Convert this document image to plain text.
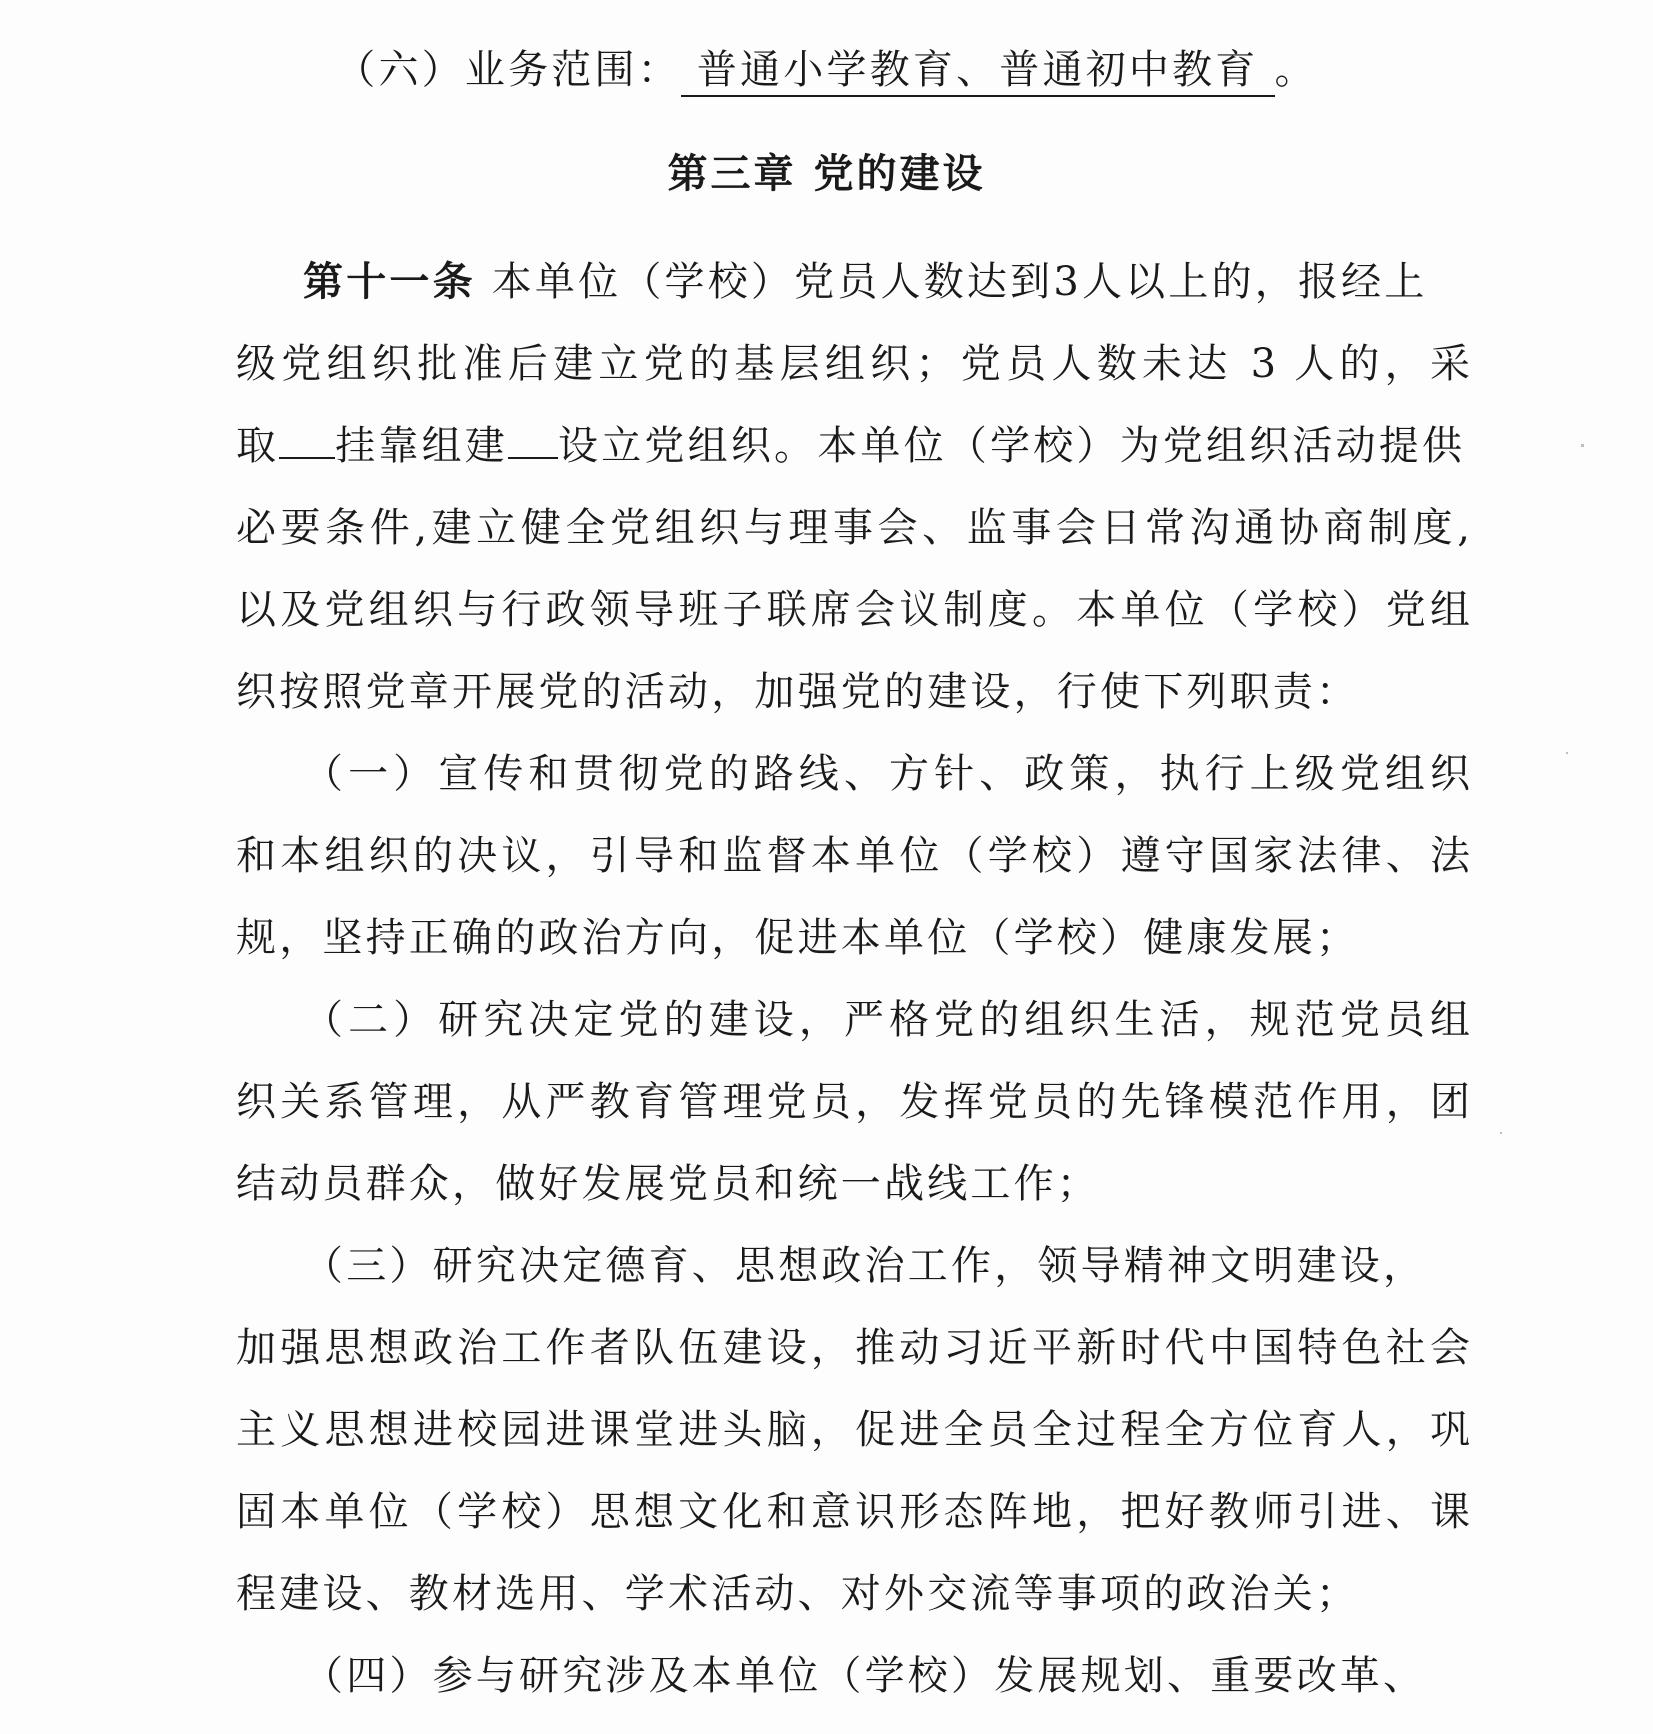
（六）业务范围： 普通小学教育、普通初中教育 。
第三章 党的建设
第十一条 本单位（学校）党员人数达到3人以上的，报经上
级党组织批准后建立党的基层组织；党员人数未达 3 人的，采
取 挂靠组建 设立党组织。本单位（学校）为党组织活动提供
必要条件,建立健全党组织与理事会、监事会日常沟通协商制度,
以及党组织与行政领导班子联席会议制度。本单位（学校）党组
织按照党章开展党的活动，加强党的建设，行使下列职责：
（一）宣传和贯彻党的路线、方针、政策，执行上级党组织
和本组织的决议，引导和监督本单位（学校）遵守国家法律、法
规，坚持正确的政治方向，促进本单位（学校）健康发展；
（二）研究决定党的建设，严格党的组织生活，规范党员组
织关系管理，从严教育管理党员，发挥党员的先锋模范作用，团
结动员群众，做好发展党员和统一战线工作；
（三）研究决定德育、思想政治工作，领导精神文明建设，
加强思想政治工作者队伍建设，推动习近平新时代中国特色社会
主义思想进校园进课堂进头脑，促进全员全过程全方位育人，巩
固本单位（学校）思想文化和意识形态阵地，把好教师引进、课
程建设、教材选用、学术活动、对外交流等事项的政治关；
（四）参与研究涉及本单位（学校）发展规划、重要改革、
